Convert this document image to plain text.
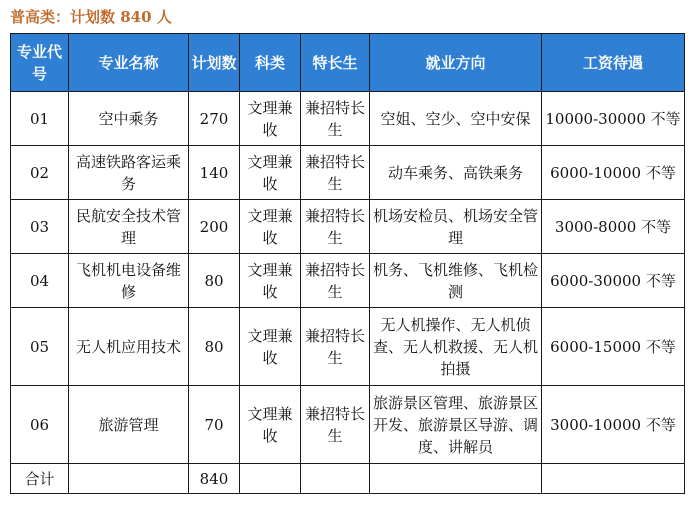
普高类：计划数 840 人
专业代号	专业名称	计划数	科类	特长生	就业方向	工资待遇
01	空中乘务	270	文理兼收	兼招特长生	空姐、空少、空中安保	10000-30000 不等
02	高速铁路客运乘务	140	文理兼收	兼招特长生	动车乘务、高铁乘务	6000-10000 不等
03	民航安全技术管理	200	文理兼收	兼招特长生	机场安检员、机场安全管理	3000-8000 不等
04	飞机机电设备维修	80	文理兼收	兼招特长生	机务、飞机维修、飞机检测	6000-30000 不等
05	无人机应用技术	80	文理兼收	兼招特长生	无人机操作、无人机侦查、无人机救援、无人机拍摄	6000-15000 不等
06	旅游管理	70	文理兼收	兼招特长生	旅游景区管理、旅游景区开发、旅游景区导游、调度、讲解员	3000-10000 不等
合计		840				
